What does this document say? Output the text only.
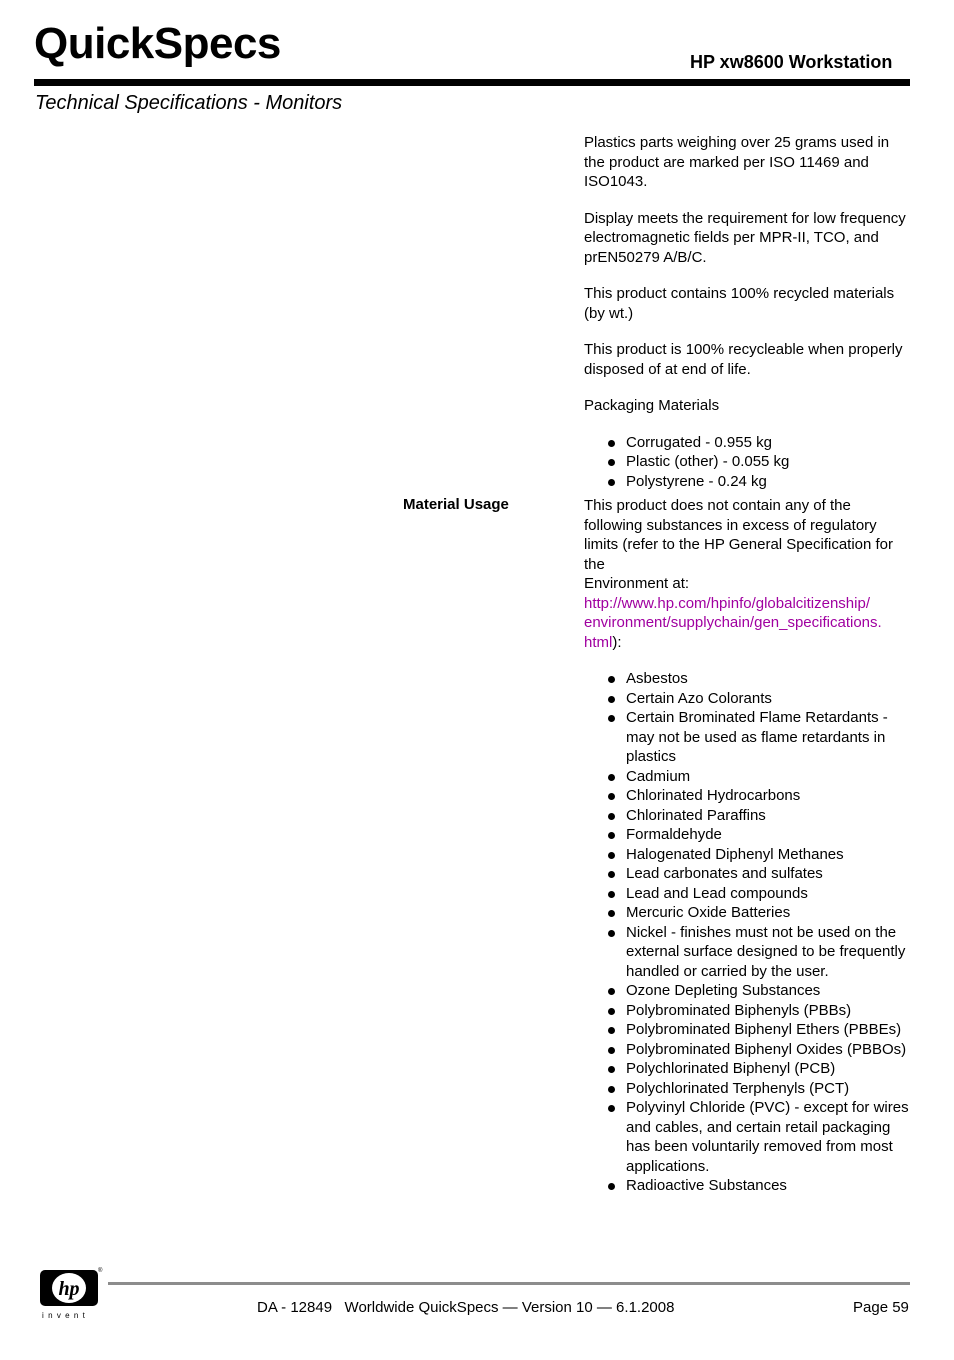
QuickSpecs	HP xw8600 Workstation
Technical Specifications - Monitors
Material Usage

Plastics parts weighing over 25 grams used in the product are marked per ISO 11469 and ISO1043.

Display meets the requirement for low frequency electromagnetic fields per MPR-II, TCO, and prEN50279 A/B/C.

This product contains 100% recycled materials (by wt.)

This product is 100% recycleable when properly disposed of at end of life.

Packaging Materials

Corrugated - 0.955 kg
Plastic (other) - 0.055 kg
Polystyrene - 0.24 kg

This product does not contain any of the following substances in excess of regulatory limits (refer to the HP General Specification for the
Environment at:
http://www.hp.com/hpinfo/globalcitizenship/
environment/supplychain/gen_specifications.
html):

Asbestos
Certain Azo Colorants
Certain Brominated Flame Retardants - may not be used as flame retardants in plastics
Cadmium
Chlorinated Hydrocarbons
Chlorinated Paraffins
Formaldehyde
Halogenated Diphenyl Methanes
Lead carbonates and sulfates
Lead and Lead compounds
Mercuric Oxide Batteries
Nickel - finishes must not be used on the external surface designed to be frequently handled or carried by the user.
Ozone Depleting Substances
Polybrominated Biphenyls (PBBs)
Polybrominated Biphenyl Ethers (PBBEs)
Polybrominated Biphenyl Oxides (PBBOs)
Polychlorinated Biphenyl (PCB)
Polychlorinated Terphenyls (PCT)
Polyvinyl Chloride (PVC) - except for wires and cables, and certain retail packaging has been voluntarily removed from most applications.
Radioactive Substances
hp
®
invent	DA - 12849   Worldwide QuickSpecs — Version 10 — 6.1.2008	Page 59
